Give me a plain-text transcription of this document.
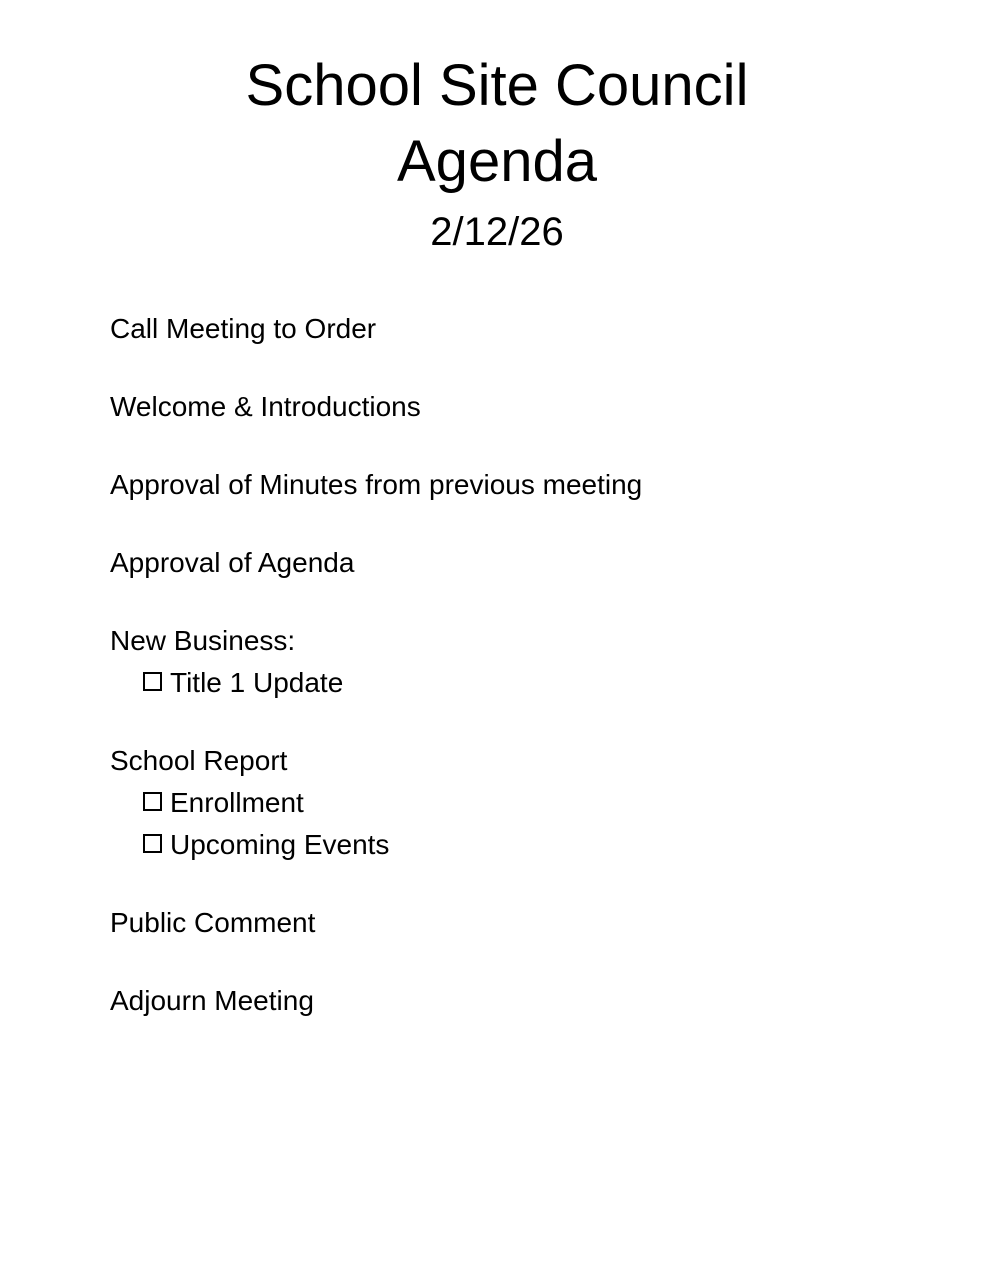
School Site Council
Agenda
2/12/26
Call Meeting to Order
Welcome & Introductions
Approval of Minutes from previous meeting
Approval of Agenda
New Business:
Title 1 Update
School Report
Enrollment
Upcoming Events
Public Comment
Adjourn Meeting
